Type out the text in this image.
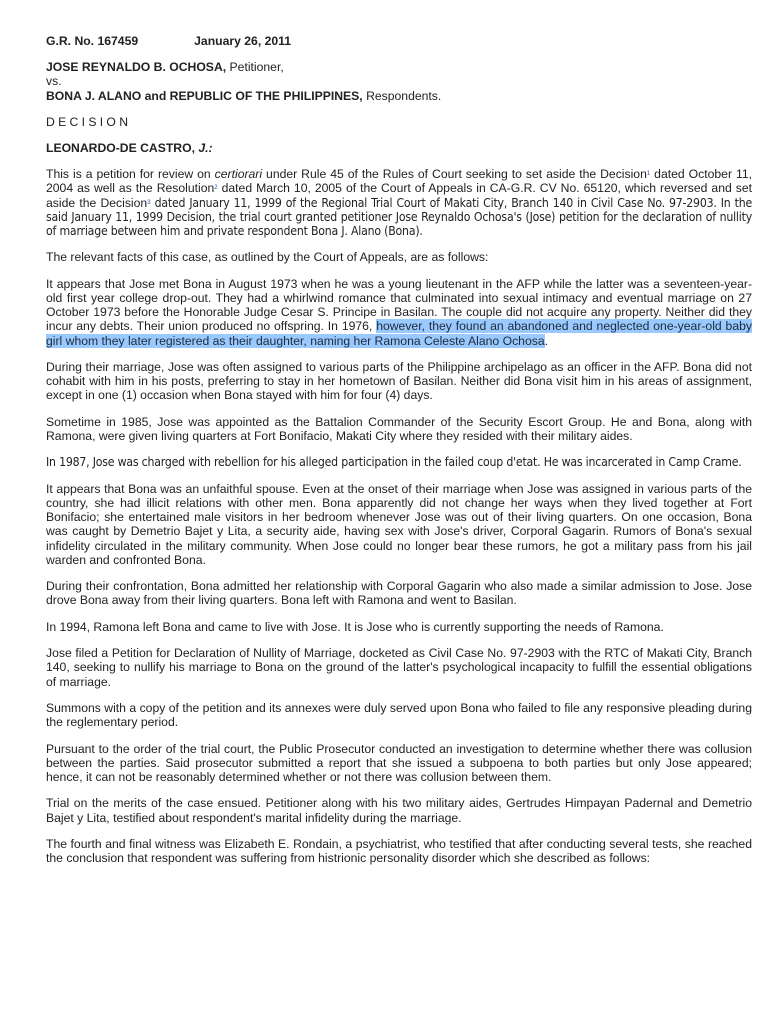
G.R. No. 167459	January 26, 2011
JOSE REYNALDO B. OCHOSA, Petitioner,
vs.
BONA J. ALANO and REPUBLIC OF THE PHILIPPINES, Respondents.
DECISION
LEONARDO-DE CASTRO, J.:

This is a petition for review on certiorari under Rule 45 of the Rules of Court seeking to set aside the Decision$^1$ dated October 11, 2004 as well as the Resolution$^2$ dated March 10, 2005 of the Court of Appeals in CA-G.R. CV No. 65120, which reversed and set aside the Decision$^3$ dated January 11, 1999 of the Regional Trial Court of Makati City, Branch 140 in Civil Case No. 97-2903. In the said January 11, 1999 Decision, the trial court granted petitioner Jose Reynaldo Ochosa's (Jose) petition for the declaration of nullity of marriage between him and private respondent Bona J. Alano (Bona).

The relevant facts of this case, as outlined by the Court of Appeals, are as follows:

It appears that Jose met Bona in August 1973 when he was a young lieutenant in the AFP while the latter was a seventeen-year-old first year college drop-out. They had a whirlwind romance that culminated into sexual intimacy and eventual marriage on 27 October 1973 before the Honorable Judge Cesar S. Principe in Basilan. The couple did not acquire any property. Neither did they incur any debts. Their union produced no offspring. In 1976, however, they found an abandoned and neglected one-year-old baby girl whom they later registered as their daughter, naming her Ramona Celeste Alano Ochosa.

During their marriage, Jose was often assigned to various parts of the Philippine archipelago as an officer in the AFP. Bona did not cohabit with him in his posts, preferring to stay in her hometown of Basilan. Neither did Bona visit him in his areas of assignment, except in one (1) occasion when Bona stayed with him for four (4) days.

Sometime in 1985, Jose was appointed as the Battalion Commander of the Security Escort Group. He and Bona, along with Ramona, were given living quarters at Fort Bonifacio, Makati City where they resided with their military aides.

In 1987, Jose was charged with rebellion for his alleged participation in the failed coup d'etat. He was incarcerated in Camp Crame.

It appears that Bona was an unfaithful spouse. Even at the onset of their marriage when Jose was assigned in various parts of the country, she had illicit relations with other men. Bona apparently did not change her ways when they lived together at Fort Bonifacio; she entertained male visitors in her bedroom whenever Jose was out of their living quarters. On one occasion, Bona was caught by Demetrio Bajet y Lita, a security aide, having sex with Jose's driver, Corporal Gagarin. Rumors of Bona's sexual infidelity circulated in the military community. When Jose could no longer bear these rumors, he got a military pass from his jail warden and confronted Bona.

During their confrontation, Bona admitted her relationship with Corporal Gagarin who also made a similar admission to Jose. Jose drove Bona away from their living quarters. Bona left with Ramona and went to Basilan.

In 1994, Ramona left Bona and came to live with Jose. It is Jose who is currently supporting the needs of Ramona.

Jose filed a Petition for Declaration of Nullity of Marriage, docketed as Civil Case No. 97-2903 with the RTC of Makati City, Branch 140, seeking to nullify his marriage to Bona on the ground of the latter's psychological incapacity to fulfill the essential obligations of marriage.

Summons with a copy of the petition and its annexes were duly served upon Bona who failed to file any responsive pleading during the reglementary period.

Pursuant to the order of the trial court, the Public Prosecutor conducted an investigation to determine whether there was collusion between the parties. Said prosecutor submitted a report that she issued a subpoena to both parties but only Jose appeared; hence, it can not be reasonably determined whether or not there was collusion between them.

Trial on the merits of the case ensued. Petitioner along with his two military aides, Gertrudes Himpayan Padernal and Demetrio Bajet y Lita, testified about respondent's marital infidelity during the marriage.

The fourth and final witness was Elizabeth E. Rondain, a psychiatrist, who testified that after conducting several tests, she reached the conclusion that respondent was suffering from histrionic personality disorder which she described as follows:
